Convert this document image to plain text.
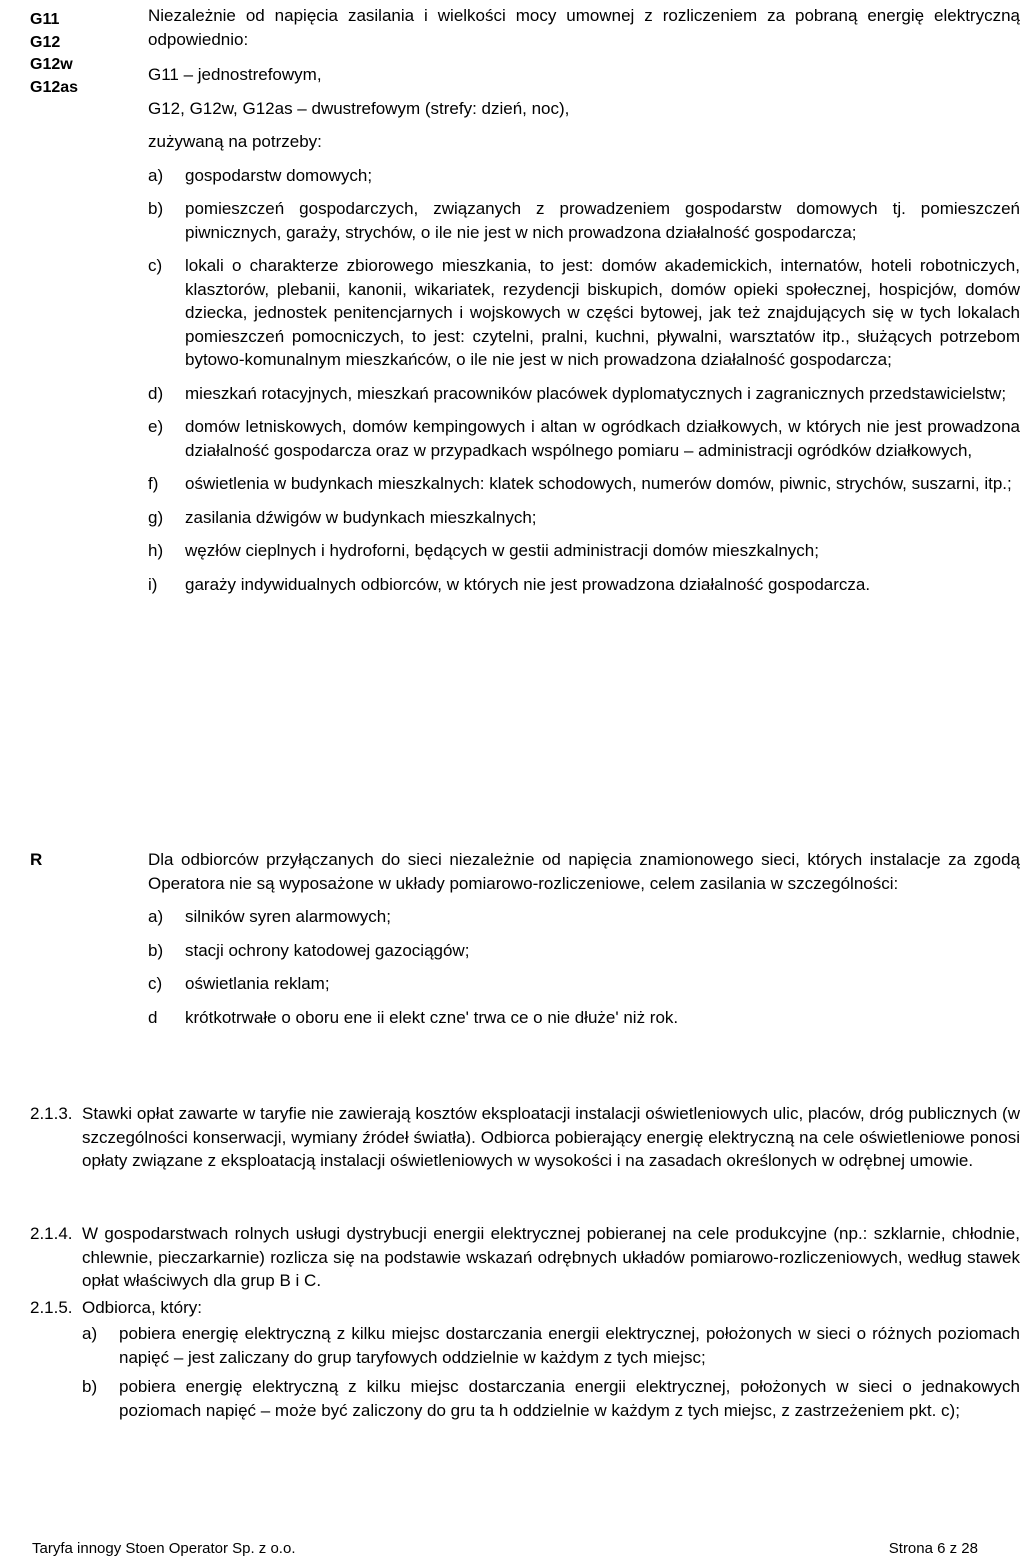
G11
G12
G12w
G12as

Niezależnie od napięcia zasilania i wielkości mocy umownej z rozliczeniem za pobraną energię elektryczną odpowiednio:

G11 – jednostrefowym,

G12, G12w, G12as – dwustrefowym (strefy: dzień, noc),

zużywaną na potrzeby:

a) gospodarstw domowych;
b) pomieszczeń gospodarczych, związanych z prowadzeniem gospodarstw domowych tj. pomieszczeń piwnicznych, garaży, strychów, o ile nie jest w nich prowadzona działalność gospodarcza;
c) lokali o charakterze zbiorowego mieszkania, to jest: domów akademickich, internatów, hoteli robotniczych, klasztorów, plebanii, kanonii, wikariatek, rezydencji biskupich, domów opieki społecznej, hospicjów, domów dziecka, jednostek penitencjarnych i wojskowych w części bytowej, jak też znajdujących się w tych lokalach pomieszczeń pomocniczych, to jest: czytelni, pralni, kuchni, pływalni, warsztatów itp., służących potrzebom bytowo-komunalnym mieszkańców, o ile nie jest w nich prowadzona działalność gospodarcza;
d) mieszkań rotacyjnych, mieszkań pracowników placówek dyplomatycznych i zagranicznych przedstawicielstw;
e) domów letniskowych, domów kempingowych i altan w ogródkach działkowych, w których nie jest prowadzona działalność gospodarcza oraz w przypadkach wspólnego pomiaru – administracji ogródków działkowych,
f) oświetlenia w budynkach mieszkalnych: klatek schodowych, numerów domów, piwnic, strychów, suszarni, itp.;
g) zasilania dźwigów w budynkach mieszkalnych;
h) węzłów cieplnych i hydroforni, będących w gestii administracji domów mieszkalnych;
i) garaży indywidualnych odbiorców, w których nie jest prowadzona działalność gospodarcza.
R	Dla odbiorców przyłączanych do sieci niezależnie od napięcia znamionowego sieci, których instalacje za zgodą Operatora nie są wyposażone w układy pomiarowo-rozliczeniowe, celem zasilania w szczególności:

a) silników syren alarmowych;
b) stacji ochrony katodowej gazociągów;
c) oświetlania reklam;
d krótkotrwałe o oboru ene ii elekt czne' trwa ce o nie dłuże' niż rok.
2.1.3. Stawki opłat zawarte w taryfie nie zawierają kosztów eksploatacji instalacji oświetleniowych ulic, placów, dróg publicznych (w szczególności konserwacji, wymiany źródeł światła). Odbiorca pobierający energię elektryczną na cele oświetleniowe ponosi opłaty związane z eksploatacją instalacji oświetleniowych w wysokości i na zasadach określonych w odrębnej umowie.
2.1.4. W gospodarstwach rolnych usługi dystrybucji energii elektrycznej pobieranej na cele produkcyjne (np.: szklarnie, chłodnie, chlewnie, pieczarkarnie) rozlicza się na podstawie wskazań odrębnych układów pomiarowo-rozliczeniowych, według stawek opłat właściwych dla grup B i C.
2.1.5. Odbiorca, który:
a) pobiera energię elektryczną z kilku miejsc dostarczania energii elektrycznej, położonych w sieci o różnych poziomach napięć – jest zaliczany do grup taryfowych oddzielnie w każdym z tych miejsc;
b) pobiera energię elektryczną z kilku miejsc dostarczania energii elektrycznej, położonych w sieci o jednakowych poziomach napięć – może być zaliczony do gru ta h oddzielnie w każdym z tych miejsc, z zastrzeżeniem pkt. c);
Taryfa innogy Stoen Operator Sp. z o.o.	Strona 6 z 28
